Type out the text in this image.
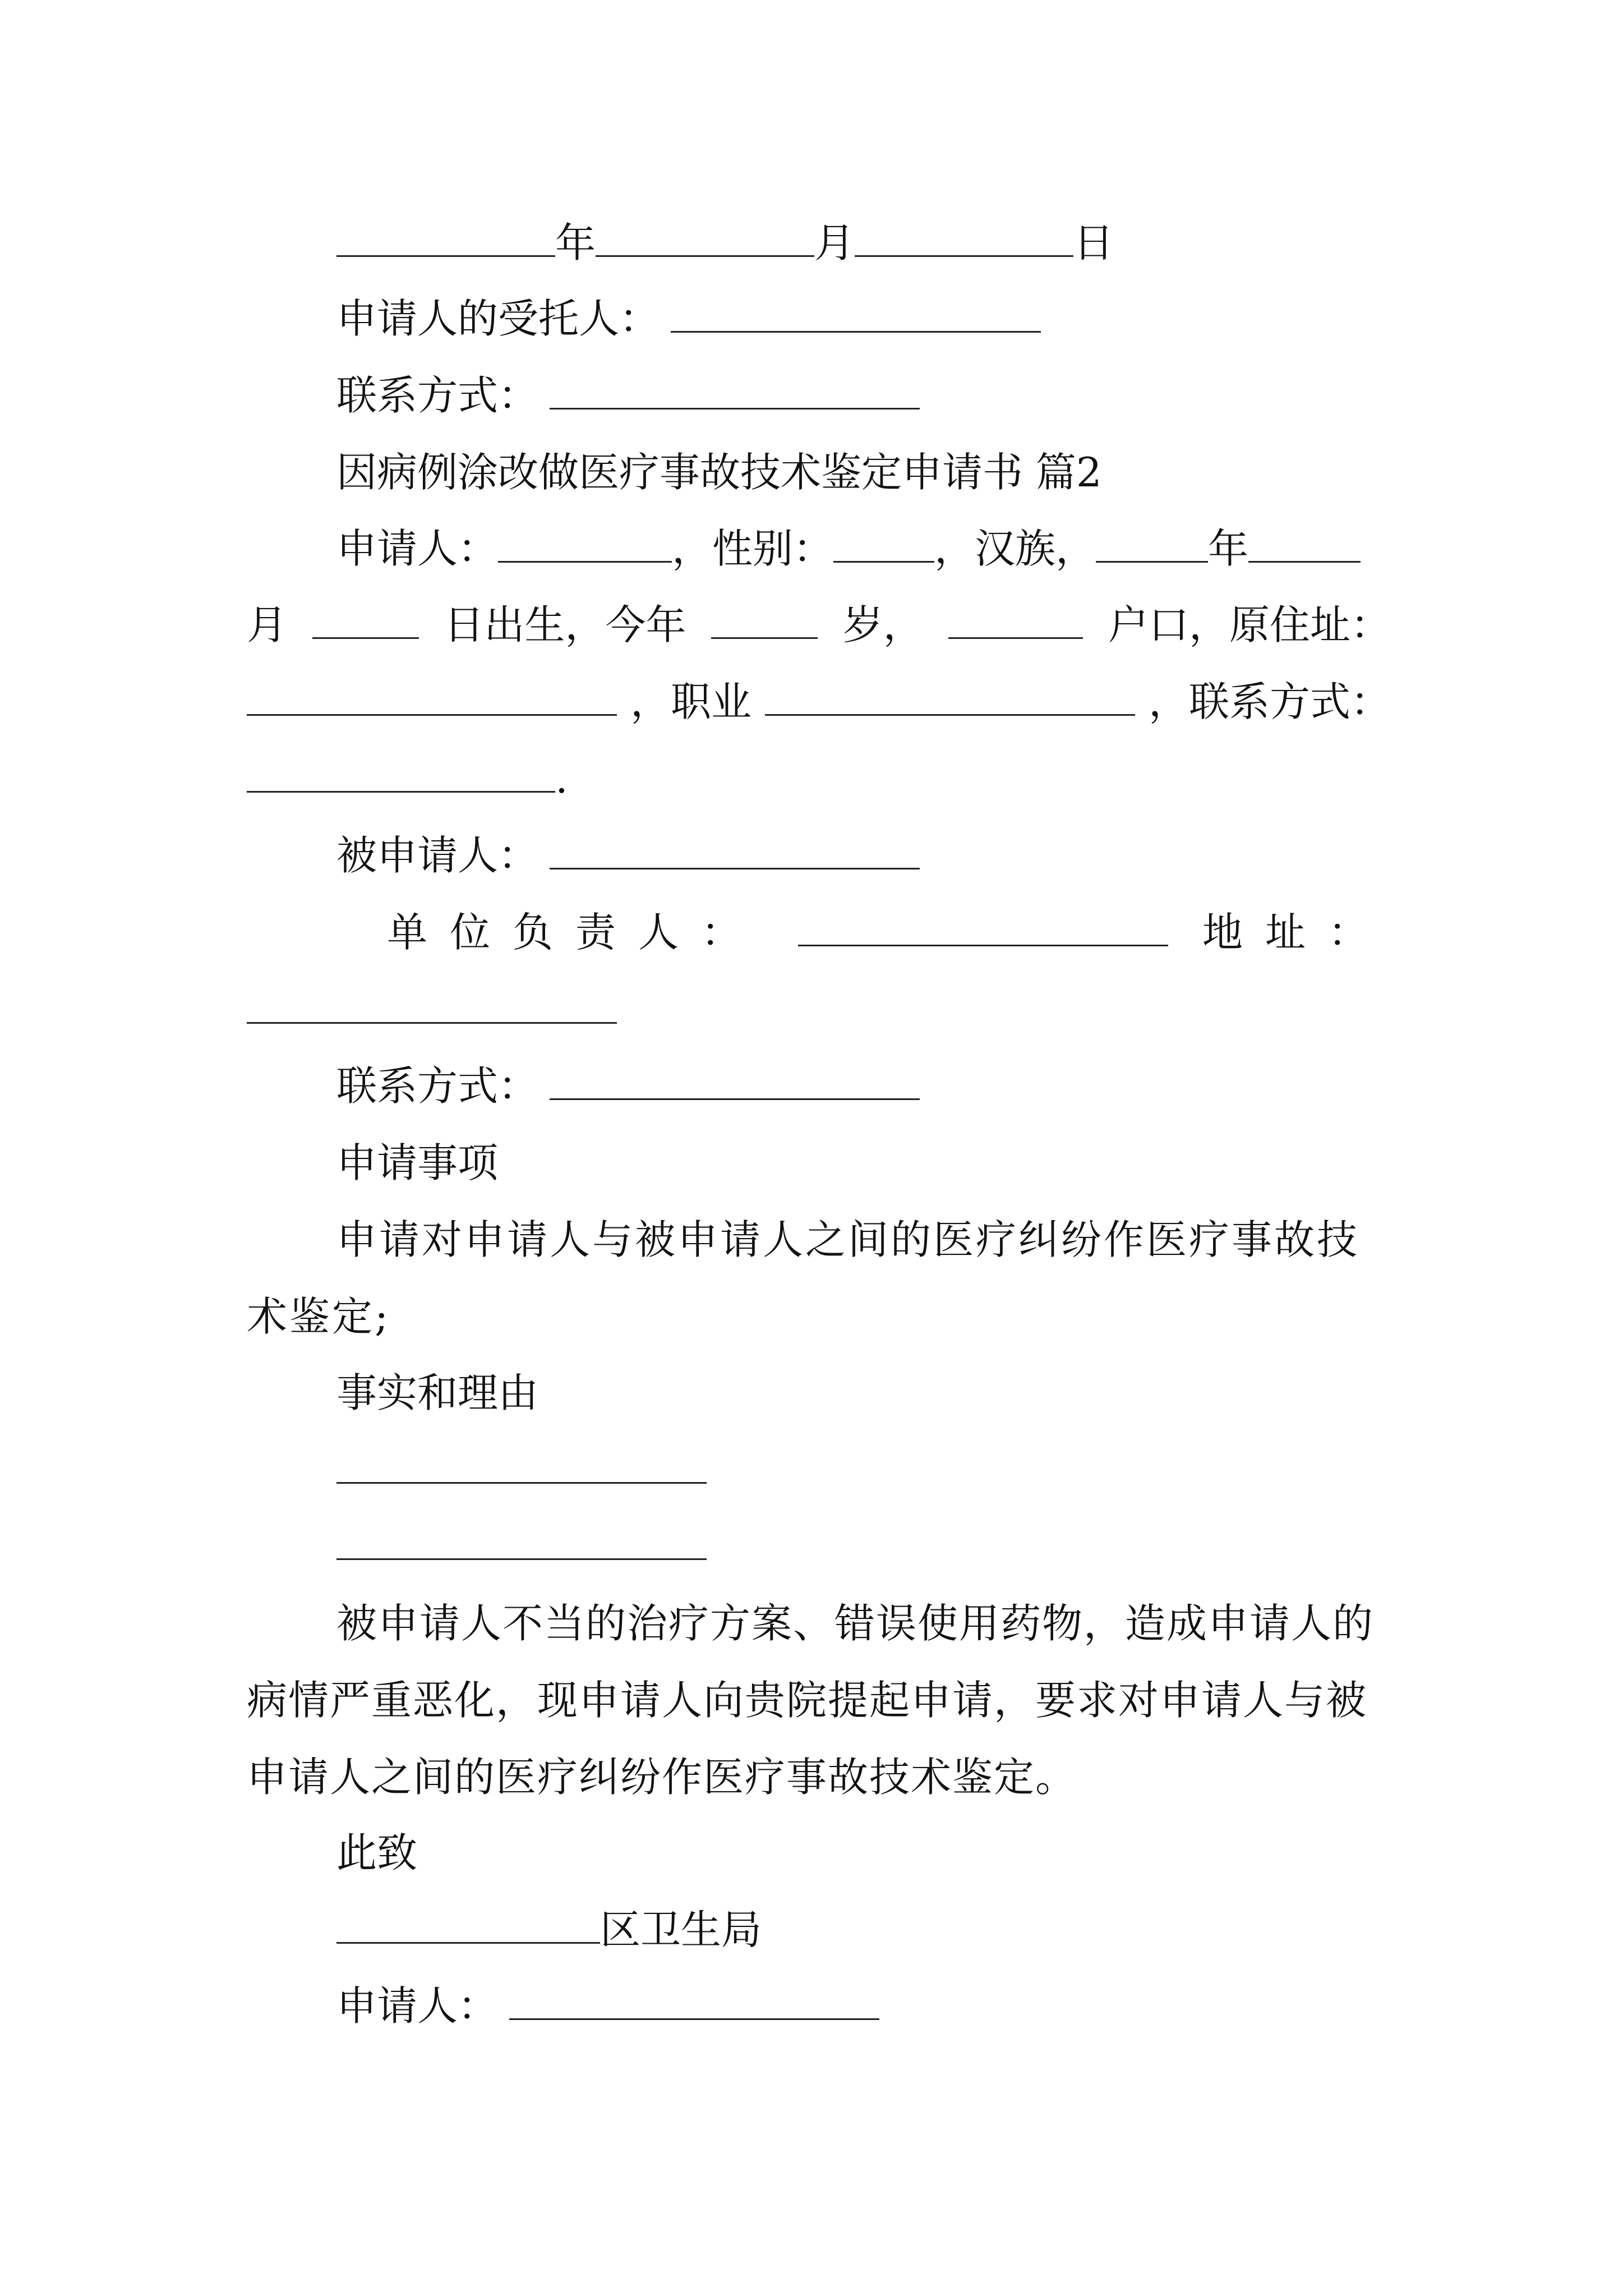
年	月	日
申请人的受托人：
联系方式：
因病例涂改做医疗事故技术鉴定申请书 篇2
申请人：	，性别：	，汉族，	年
月	日出生，今年	岁，	户口，原住址：
，职业	，联系方式：
.
被申请人：
单位负责人：	地址：
联系方式：
申请事项
申请对申请人与被申请人之间的医疗纠纷作医疗事故技术鉴定;
事实和理由
被申请人不当的治疗方案、错误使用药物，造成申请人的病情严重恶化，现申请人向贵院提起申请，要求对申请人与被申请人之间的医疗纠纷作医疗事故技术鉴定。
此致
区卫生局
申请人：
